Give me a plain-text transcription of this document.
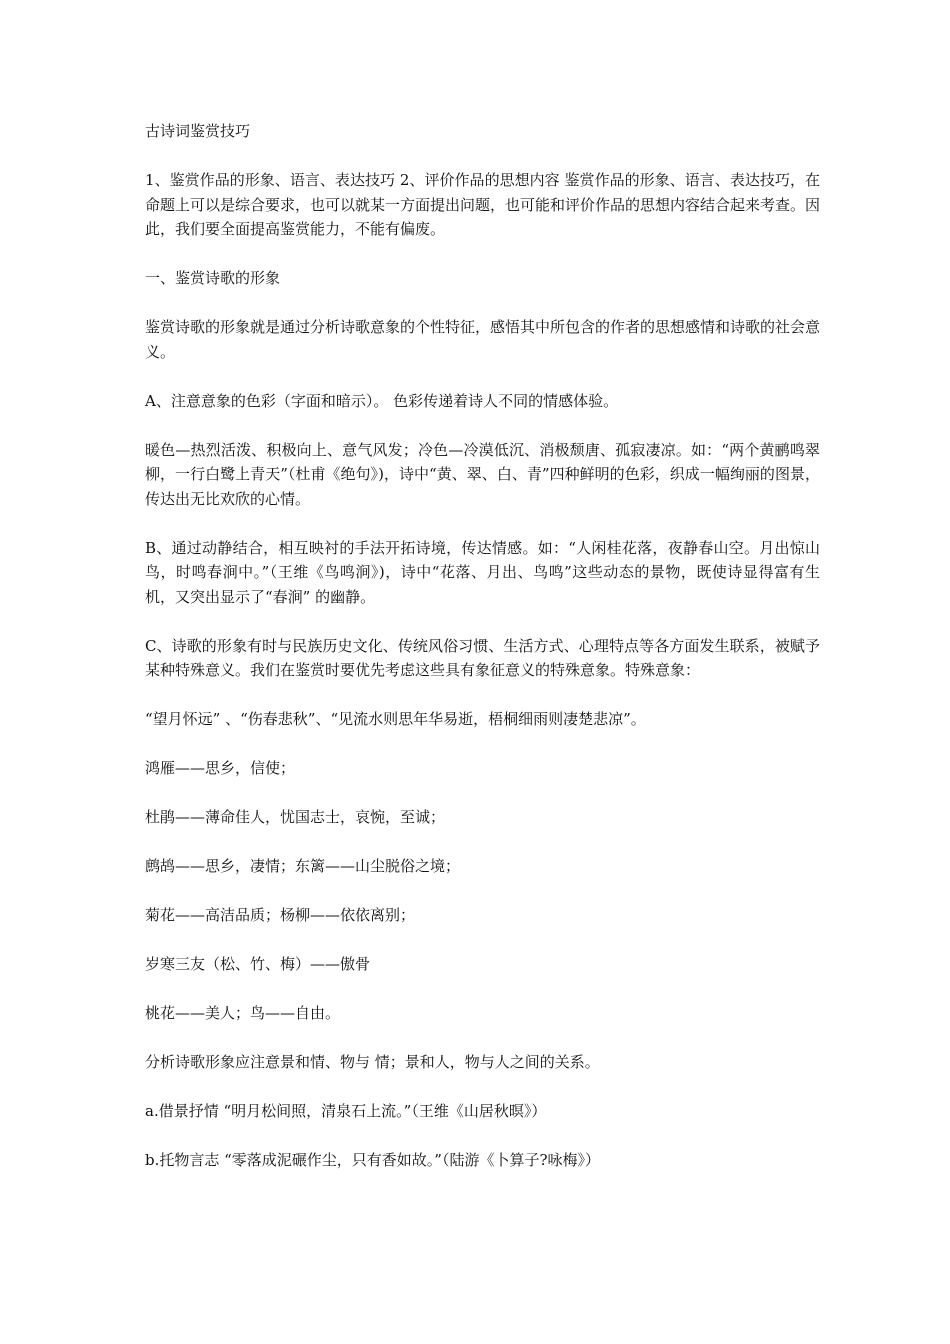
古诗词鉴赏技巧

1、鉴赏作品的形象、语言、表达技巧 2、评价作品的思想内容 鉴赏作品的形象、语言、表达技巧，在命题上可以是综合要求，也可以就某一方面提出问题，也可能和评价作品的思想内容结合起来考查。因此，我们要全面提高鉴赏能力，不能有偏废。

一、鉴赏诗歌的形象

鉴赏诗歌的形象就是通过分析诗歌意象的个性特征，感悟其中所包含的作者的思想感情和诗歌的社会意义。

A、注意意象的色彩（字面和暗示）。 色彩传递着诗人不同的情感体验。

暖色—热烈活泼、积极向上、意气风发；冷色—冷漠低沉、消极颓唐、孤寂凄凉。如：“两个黄鹂鸣翠柳，一行白鹭上青天”（杜甫《绝句》)，诗中“黄、翠、白、青”四种鲜明的色彩，织成一幅绚丽的图景，传达出无比欢欣的心情。

B、通过动静结合，相互映衬的手法开拓诗境，传达情感。如：“人闲桂花落，夜静春山空。月出惊山鸟，时鸣春涧中。”（王维《鸟鸣涧》)，诗中“花落、月出、鸟鸣”这些动态的景物，既使诗显得富有生机，又突出显示了“春涧” 的幽静。

C、诗歌的形象有时与民族历史文化、传统风俗习惯、生活方式、心理特点等各方面发生联系，被赋予某种特殊意义。我们在鉴赏时要优先考虑这些具有象征意义的特殊意象。特殊意象：

“望月怀远” 、“伤春悲秋”、“见流水则思年华易逝，梧桐细雨则凄楚悲凉”。

鸿雁——思乡，信使；

杜鹃——薄命佳人，忧国志士，哀惋，至诚；

鹧鸪——思乡，凄情；东篱——山尘脱俗之境；

菊花——高洁品质；杨柳——依依离别；

岁寒三友（松、竹、梅）——傲骨

桃花——美人；鸟——自由。

分析诗歌形象应注意景和情、物与 情；景和人，物与人之间的关系。

a.借景抒情 “明月松间照，清泉石上流。”（王维《山居秋暝》）

b.托物言志 “零落成泥碾作尘，只有香如故。”（陆游《卜算子?咏梅》）
